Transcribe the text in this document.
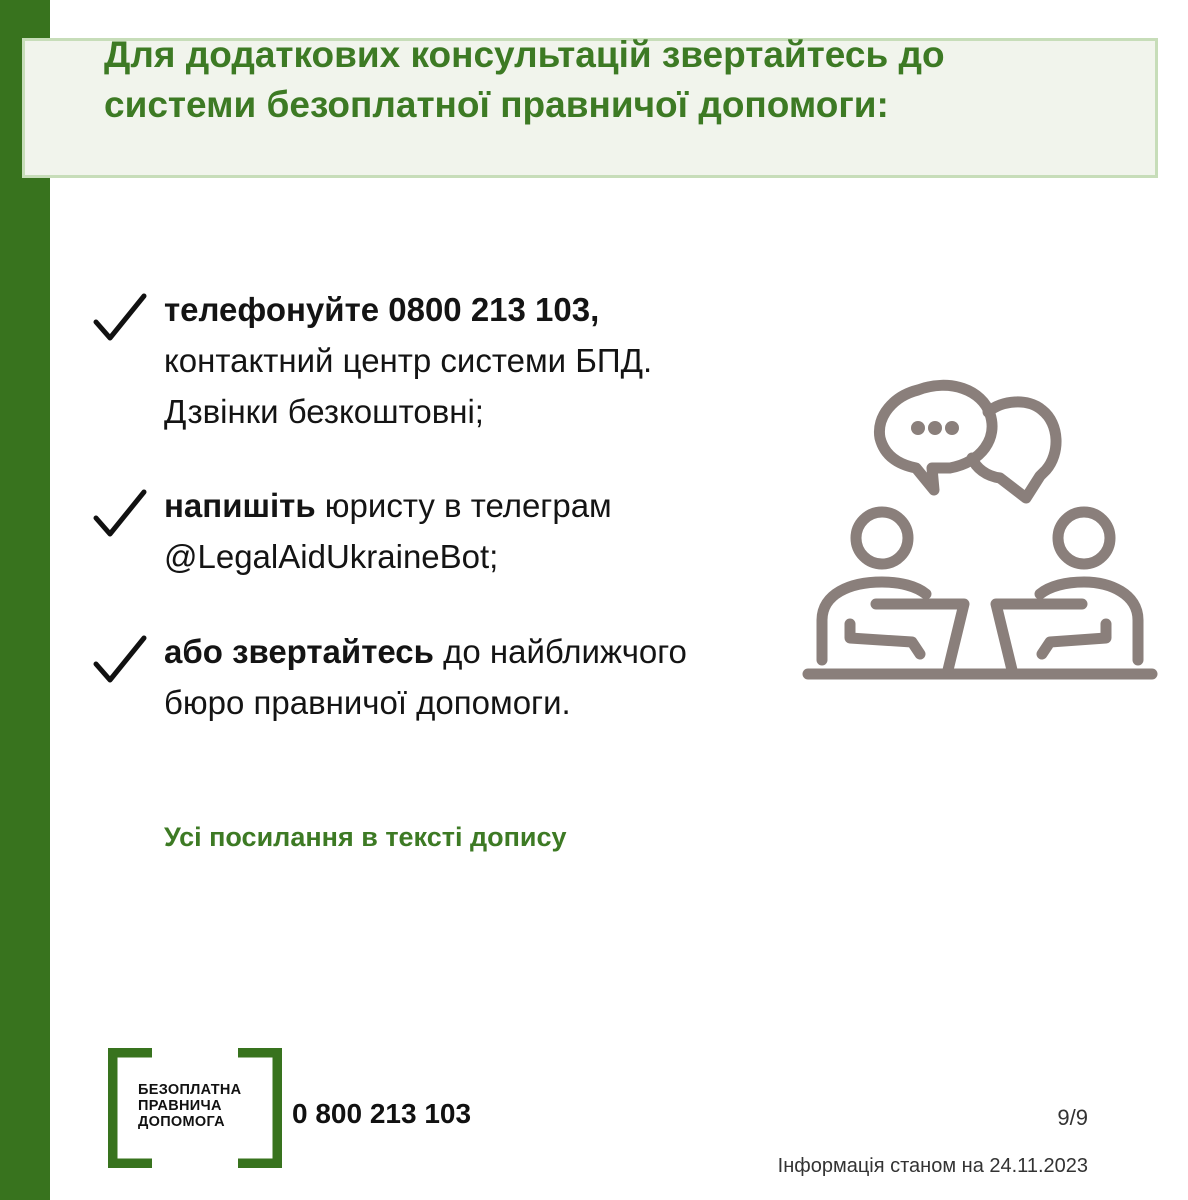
Для додаткових консультацій звертайтесь до
системи безоплатної правничої допомоги:
телефонуйте 0800 213 103,
контактний центр системи БПД.
Дзвінки безкоштовні;
напишіть юристу в телеграм
@LegalAidUkraineBot;
або звертайтесь до найближчого
бюро правничої допомоги.
Усі посилання в тексті допису
БЕЗОПЛАТНА
ПРАВНИЧА
ДОПОМОГА	0 800 213 103	9/9
Інформація станом на 24.11.2023
